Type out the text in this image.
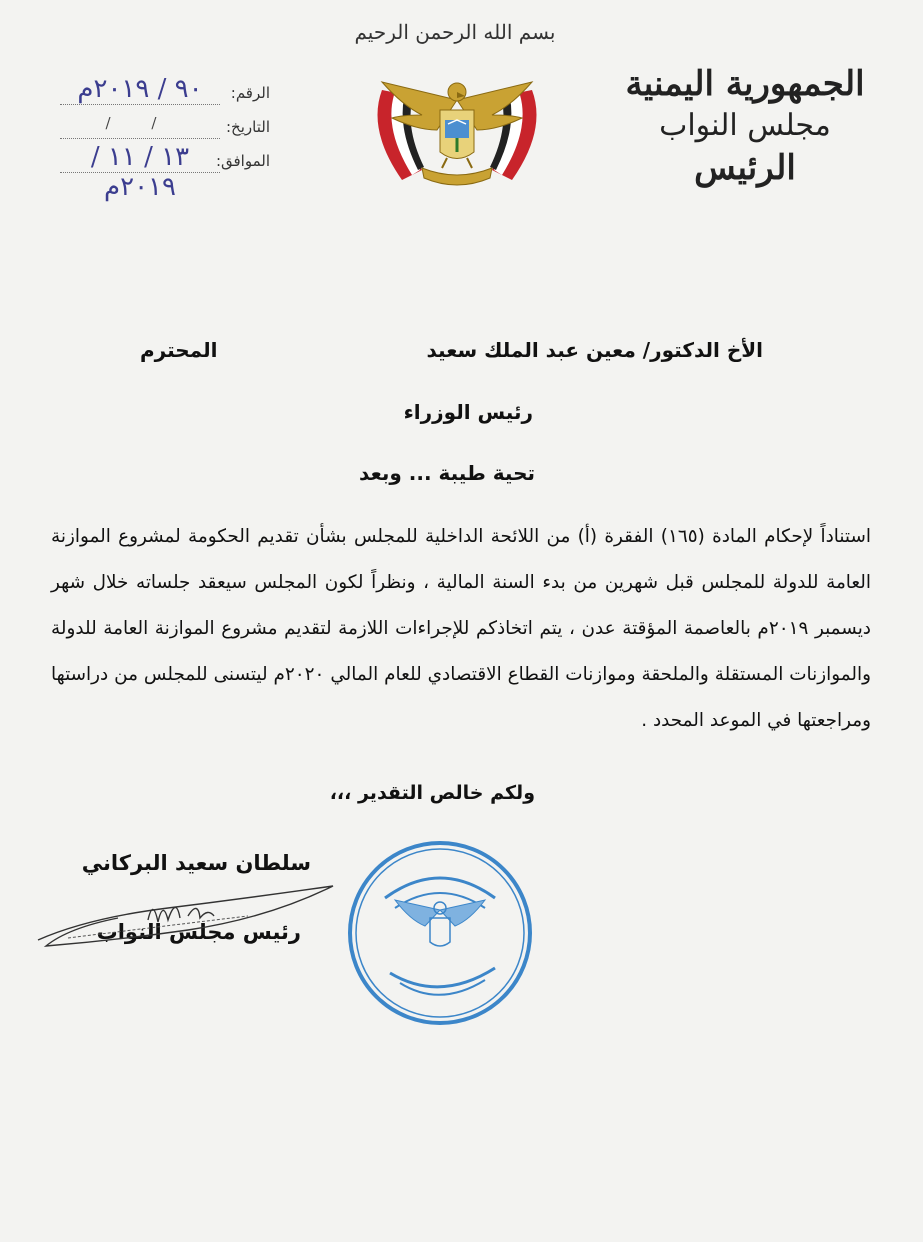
الجمهورية اليمنية
مجلس النواب
الرئيس
بسم الله الرحمن الرحيم
الرقم:
٩٠ / ٢٠١٩م
التاريخ:
/ /
الموافق:
١٣ / ١١ / ٢٠١٩م
الأخ الدكتور/ معين عبد الملك سعيد
المحترم
رئيس الوزراء
تحية طيبة ... وبعد
استناداً لإحكام المادة (١٦٥) الفقرة (أ) من اللائحة الداخلية للمجلس بشأن تقديم الحكومة لمشروع الموازنة العامة للدولة للمجلس قبل شهرين من بدء السنة المالية ، ونظراً لكون المجلس سيعقد جلساته خلال شهر ديسمبر ٢٠١٩م بالعاصمة المؤقتة عدن ، يتم اتخاذكم للإجراءات اللازمة لتقديم مشروع الموازنة العامة للدولة والموازنات المستقلة والملحقة وموازنات القطاع الاقتصادي للعام المالي ٢٠٢٠م ليتسنى للمجلس من دراستها ومراجعتها في الموعد المحدد .
ولكم خالص التقدير ،،،
سلطان سعيد البركاني
رئيس مجلس النواب
